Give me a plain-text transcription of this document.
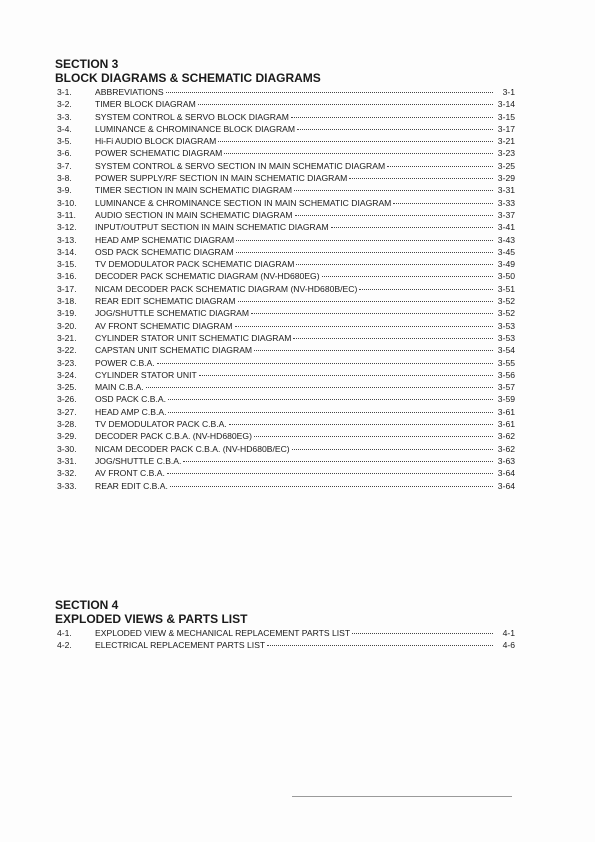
SECTION 3
BLOCK DIAGRAMS & SCHEMATIC DIAGRAMS
3-1.	ABBREVIATIONS	3-1
3-2.	TIMER BLOCK DIAGRAM	3-14
3-3.	SYSTEM CONTROL & SERVO BLOCK DIAGRAM	3-15
3-4.	LUMINANCE & CHROMINANCE BLOCK DIAGRAM	3-17
3-5.	Hi-Fi AUDIO BLOCK DIAGRAM	3-21
3-6.	POWER SCHEMATIC DIAGRAM	3-23
3-7.	SYSTEM CONTROL & SERVO SECTION IN MAIN SCHEMATIC DIAGRAM	3-25
3-8.	POWER SUPPLY/RF SECTION IN MAIN SCHEMATIC DIAGRAM	3-29
3-9.	TIMER SECTION IN MAIN SCHEMATIC DIAGRAM	3-31
3-10.	LUMINANCE & CHROMINANCE SECTION IN MAIN SCHEMATIC DIAGRAM	3-33
3-11.	AUDIO SECTION IN MAIN SCHEMATIC DIAGRAM	3-37
3-12.	INPUT/OUTPUT SECTION IN MAIN SCHEMATIC DIAGRAM	3-41
3-13.	HEAD AMP SCHEMATIC DIAGRAM	3-43
3-14.	OSD PACK SCHEMATIC DIAGRAM	3-45
3-15.	TV DEMODULATOR PACK SCHEMATIC DIAGRAM	3-49
3-16.	DECODER PACK SCHEMATIC DIAGRAM (NV-HD680EG)	3-50
3-17.	NICAM DECODER PACK SCHEMATIC DIAGRAM (NV-HD680B/EC)	3-51
3-18.	REAR EDIT SCHEMATIC DIAGRAM	3-52
3-19.	JOG/SHUTTLE SCHEMATIC DIAGRAM	3-52
3-20.	AV FRONT SCHEMATIC DIAGRAM	3-53
3-21.	CYLINDER STATOR UNIT SCHEMATIC DIAGRAM	3-53
3-22.	CAPSTAN UNIT SCHEMATIC DIAGRAM	3-54
3-23.	POWER C.B.A.	3-55
3-24.	CYLINDER STATOR UNIT	3-56
3-25.	MAIN C.B.A.	3-57
3-26.	OSD PACK C.B.A.	3-59
3-27.	HEAD AMP C.B.A.	3-61
3-28.	TV DEMODULATOR PACK C.B.A.	3-61
3-29.	DECODER PACK C.B.A. (NV-HD680EG)	3-62
3-30.	NICAM DECODER PACK C.B.A. (NV-HD680B/EC)	3-62
3-31.	JOG/SHUTTLE C.B.A.	3-63
3-32.	AV FRONT C.B.A.	3-64
3-33.	REAR EDIT C.B.A.	3-64
SECTION 4
EXPLODED VIEWS & PARTS LIST
4-1.	EXPLODED VIEW & MECHANICAL REPLACEMENT PARTS LIST	4-1
4-2.	ELECTRICAL REPLACEMENT PARTS LIST	4-6
